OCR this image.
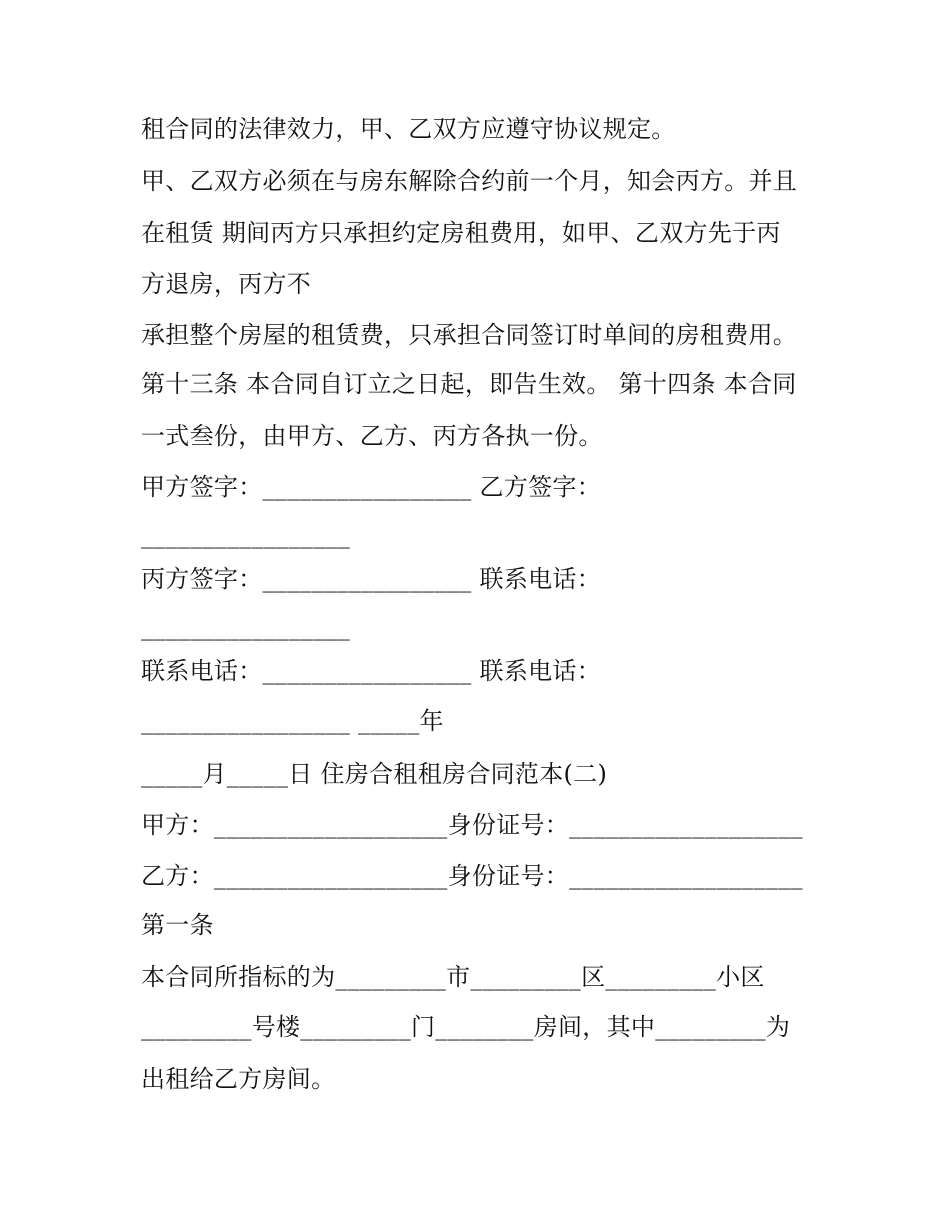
租合同的法律效力，甲、乙双方应遵守协议规定。
甲、乙双方必须在与房东解除合约前一个月，知会丙方。并且
在租赁 期间丙方只承担约定房租费用，如甲、乙双方先于丙
方退房，丙方不
承担整个房屋的租赁费，只承担合同签订时单间的房租费用。
第十三条 本合同自订立之日起，即告生效。 第十四条 本合同
一式叁份，由甲方、乙方、丙方各执一份。
甲方签字：_________________ 乙方签字：
_________________
丙方签字：_________________ 联系电话：
_________________
联系电话：_________________ 联系电话：
_________________ _____年
_____月_____日 住房合租租房合同范本(二)
甲方：___________________身份证号：___________________
乙方：___________________身份证号：___________________
第一条
本合同所指标的为_________市_________区_________小区
_________号楼_________门________房间，其中_________为
出租给乙方房间。
